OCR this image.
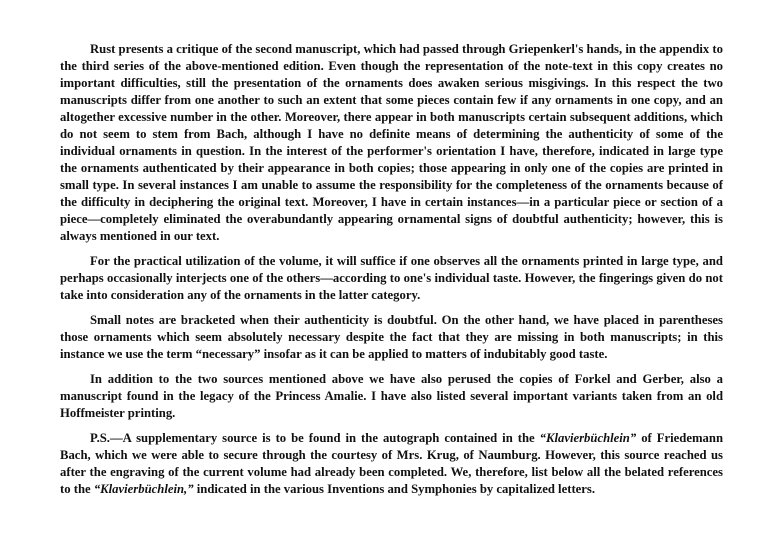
Rust presents a critique of the second manuscript, which had passed through Griepenkerl's hands, in the appendix to the third series of the above-mentioned edition. Even though the representation of the note-text in this copy creates no important difficulties, still the presentation of the ornaments does awaken serious misgivings. In this respect the two manuscripts differ from one another to such an extent that some pieces contain few if any ornaments in one copy, and an altogether excessive number in the other. Moreover, there appear in both manuscripts certain subsequent additions, which do not seem to stem from Bach, although I have no definite means of determining the authenticity of some of the individual ornaments in question. In the interest of the performer's orientation I have, therefore, indicated in large type the ornaments authenticated by their appearance in both copies; those appearing in only one of the copies are printed in small type. In several instances I am unable to assume the responsibility for the completeness of the ornaments because of the difficulty in deciphering the original text. Moreover, I have in certain instances—in a particular piece or section of a piece—completely eliminated the overabundantly appearing ornamental signs of doubtful authenticity; however, this is always mentioned in our text.

For the practical utilization of the volume, it will suffice if one observes all the ornaments printed in large type, and perhaps occasionally interjects one of the others—according to one's individual taste. However, the fingerings given do not take into consideration any of the ornaments in the latter category.

Small notes are bracketed when their authenticity is doubtful. On the other hand, we have placed in parentheses those ornaments which seem absolutely necessary despite the fact that they are missing in both manuscripts; in this instance we use the term “necessary” insofar as it can be applied to matters of indubitably good taste.

In addition to the two sources mentioned above we have also perused the copies of Forkel and Gerber, also a manuscript found in the legacy of the Princess Amalie. I have also listed several important variants taken from an old Hoffmeister printing.

P.S.—A supplementary source is to be found in the autograph contained in the “Klavierbüchlein” of Friedemann Bach, which we were able to secure through the courtesy of Mrs. Krug, of Naumburg. However, this source reached us after the engraving of the current volume had already been completed. We, therefore, list below all the belated references to the “Klavierbüchlein,” indicated in the various Inventions and Symphonies by capitalized letters.
